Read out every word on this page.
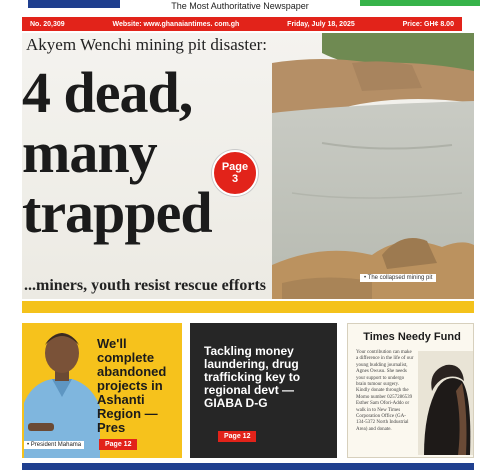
The Most Authoritative Newspaper
No. 20,309	Website: www.ghanaiantimes. com.gh	Friday, July 18, 2025	Price: GH¢ 8.00
Akyem Wenchi mining pit disaster:
4 dead,
many
trapped
Page
3
• The collapsed mining pit
...miners, youth resist rescue efforts
We'll complete abandoned projects in Ashanti Region —Pres
Page 12
• President Mahama
Tackling money laundering, drug trafficking key to regional devt —GIABA D-G
Page 12
Times Needy Fund
Your contribution can make a difference in the life of our young budding journalist, Agnes Owusu. She needs your support to undergo brain tumour surgery. Kindly donate through the Momo number 0257286539 Esther Sam Ofori-Addo or walk in to New Times Corporation Office (GA-134-5372 North Industrial Area) and donate.
